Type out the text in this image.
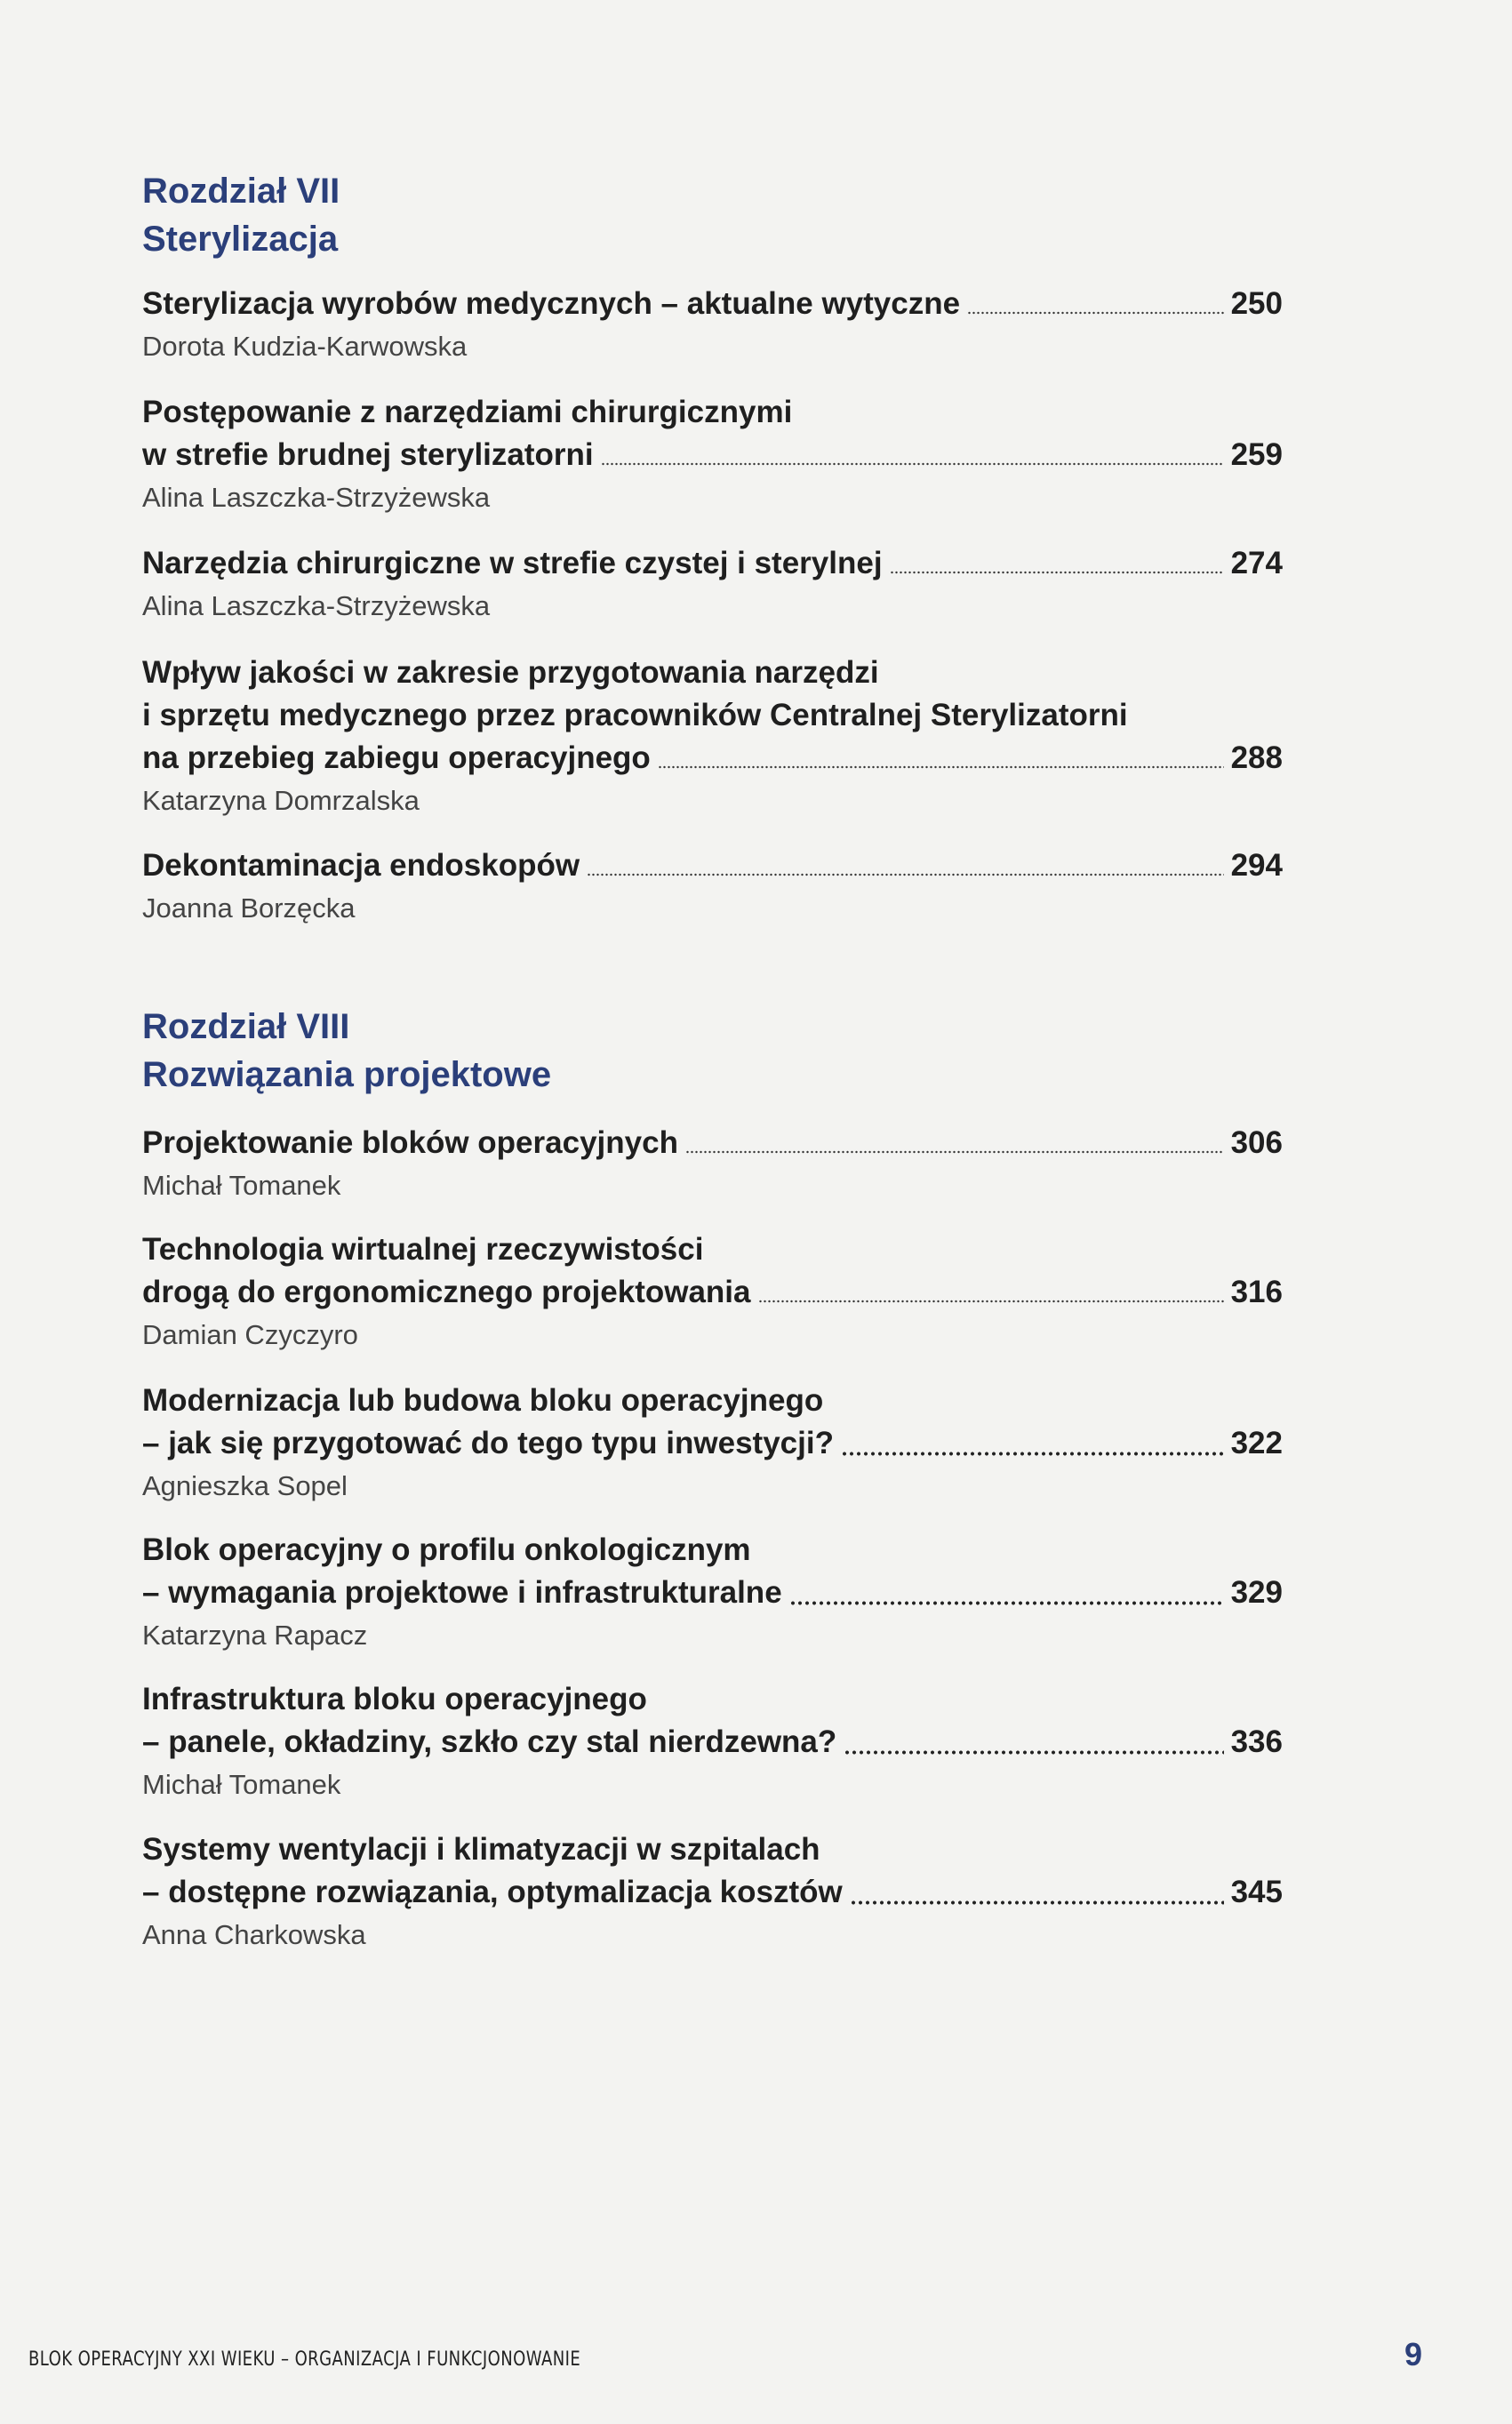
Rozdział VII
Sterylizacja
Sterylizacja wyrobów medycznych – aktualne wytyczne	250
Dorota Kudzia-Karwowska
Postępowanie z narzędziami chirurgicznymi
w strefie brudnej sterylizatorni	259
Alina Laszczka-Strzyżewska
Narzędzia chirurgiczne w strefie czystej i sterylnej	274
Alina Laszczka-Strzyżewska
Wpływ jakości w zakresie przygotowania narzędzi
i sprzętu medycznego przez pracowników Centralnej Sterylizatorni
na przebieg zabiegu operacyjnego	288
Katarzyna Domrzalska
Dekontaminacja endoskopów	294
Joanna Borzęcka
Rozdział VIII
Rozwiązania projektowe
Projektowanie bloków operacyjnych	306
Michał Tomanek
Technologia wirtualnej rzeczywistości
drogą do ergonomicznego projektowania	316
Damian Czyczyro
Modernizacja lub budowa bloku operacyjnego
– jak się przygotować do tego typu inwestycji?	322
Agnieszka Sopel
Blok operacyjny o profilu onkologicznym
– wymagania projektowe i infrastrukturalne	329
Katarzyna Rapacz
Infrastruktura bloku operacyjnego
– panele, okładziny, szkło czy stal nierdzewna?	336
Michał Tomanek
Systemy wentylacji i klimatyzacji w szpitalach
– dostępne rozwiązania, optymalizacja kosztów	345
Anna Charkowska
BLOK OPERACYJNY XXI WIEKU – ORGANIZACJA I FUNKCJONOWANIE	9
